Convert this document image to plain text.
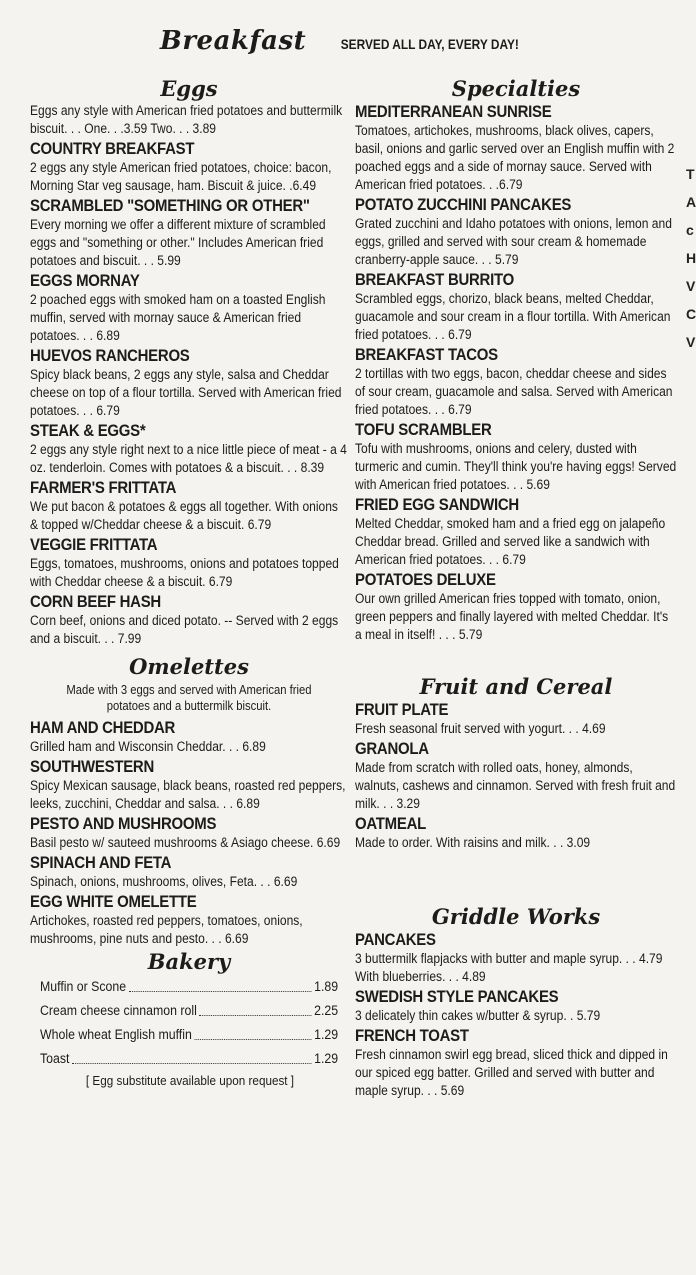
Breakfast SERVED ALL DAY, EVERY DAY!
Eggs

Eggs any style with American fried potatoes and buttermilk biscuit. . . One. . .3.59 Two. . . 3.89

COUNTRY BREAKFAST

2 eggs any style American fried potatoes, choice: bacon, Morning Star veg sausage, ham. Biscuit & juice. .6.49

SCRAMBLED "SOMETHING OR OTHER"

Every morning we offer a different mixture of scrambled eggs and "something or other." Includes American fried potatoes and biscuit. . . 5.99

EGGS MORNAY

2 poached eggs with smoked ham on a toasted English muffin, served with mornay sauce & American fried potatoes. . . 6.89

HUEVOS RANCHEROS

Spicy black beans, 2 eggs any style, salsa and Cheddar cheese on top of a flour tortilla. Served with American fried potatoes. . . 6.79

STEAK & EGGS*

2 eggs any style right next to a nice little piece of meat - a 4 oz. tenderloin. Comes with potatoes & a biscuit. . . 8.39

FARMER'S FRITTATA

We put bacon & potatoes & eggs all together. With onions & topped w/Cheddar cheese & a biscuit. 6.79

VEGGIE FRITTATA

Eggs, tomatoes, mushrooms, onions and potatoes topped with Cheddar cheese & a biscuit. 6.79

CORN BEEF HASH

Corn beef, onions and diced potato. -- Served with 2 eggs and a biscuit. . . 7.99

Omelettes

Made with 3 eggs and served with American fried potatoes and a buttermilk biscuit.

HAM AND CHEDDAR

Grilled ham and Wisconsin Cheddar. . . 6.89

SOUTHWESTERN

Spicy Mexican sausage, black beans, roasted red peppers, leeks, zucchini, Cheddar and salsa. . . 6.89

PESTO AND MUSHROOMS

Basil pesto w/ sauteed mushrooms & Asiago cheese. 6.69

SPINACH AND FETA

Spinach, onions, mushrooms, olives, Feta. . . 6.69

EGG WHITE OMELETTE

Artichokes, roasted red peppers, tomatoes, onions, mushrooms, pine nuts and pesto. . . 6.69

Bakery
Muffin or Scone	1.89
Cream cheese cinnamon roll	2.25
Whole wheat English muffin	1.29
Toast	1.29
[ Egg substitute available upon request ]
Specialties

MEDITERRANEAN SUNRISE

Tomatoes, artichokes, mushrooms, black olives, capers, basil, onions and garlic served over an English muffin with 2 poached eggs and a side of mornay sauce. Served with American fried potatoes. . .6.79

POTATO ZUCCHINI PANCAKES

Grated zucchini and Idaho potatoes with onions, lemon and eggs, grilled and served with sour cream & homemade cranberry-apple sauce. . . 5.79

BREAKFAST BURRITO

Scrambled eggs, chorizo, black beans, melted Cheddar, guacamole and sour cream in a flour tortilla. With American fried potatoes. . . 6.79

BREAKFAST TACOS

2 tortillas with two eggs, bacon, cheddar cheese and sides of sour cream, guacamole and salsa. Served with American fried potatoes. . . 6.79

TOFU SCRAMBLER

Tofu with mushrooms, onions and celery, dusted with turmeric and cumin. They'll think you're having eggs! Served with American fried potatoes. . . 5.69

FRIED EGG SANDWICH

Melted Cheddar, smoked ham and a fried egg on jalapeño Cheddar bread. Grilled and served like a sandwich with American fried potatoes. . . 6.79

POTATOES DELUXE

Our own grilled American fries topped with tomato, onion, green peppers and finally layered with melted Cheddar. It's a meal in itself! . . . 5.79

Fruit and Cereal

FRUIT PLATE

Fresh seasonal fruit served with yogurt. . . 4.69

GRANOLA

Made from scratch with rolled oats, honey, almonds, walnuts, cashews and cinnamon. Served with fresh fruit and milk. . . 3.29

OATMEAL

Made to order. With raisins and milk. . . 3.09

Griddle Works

PANCAKES

3 buttermilk flapjacks with butter and maple syrup. . . 4.79 With blueberries. . . 4.89

SWEDISH STYLE PANCAKES

3 delicately thin cakes w/butter & syrup. . 5.79

FRENCH TOAST

Fresh cinnamon swirl egg bread, sliced thick and dipped in our spiced egg batter. Grilled and served with butter and maple syrup. . . 5.69

T
A
c
H
V
C
V
